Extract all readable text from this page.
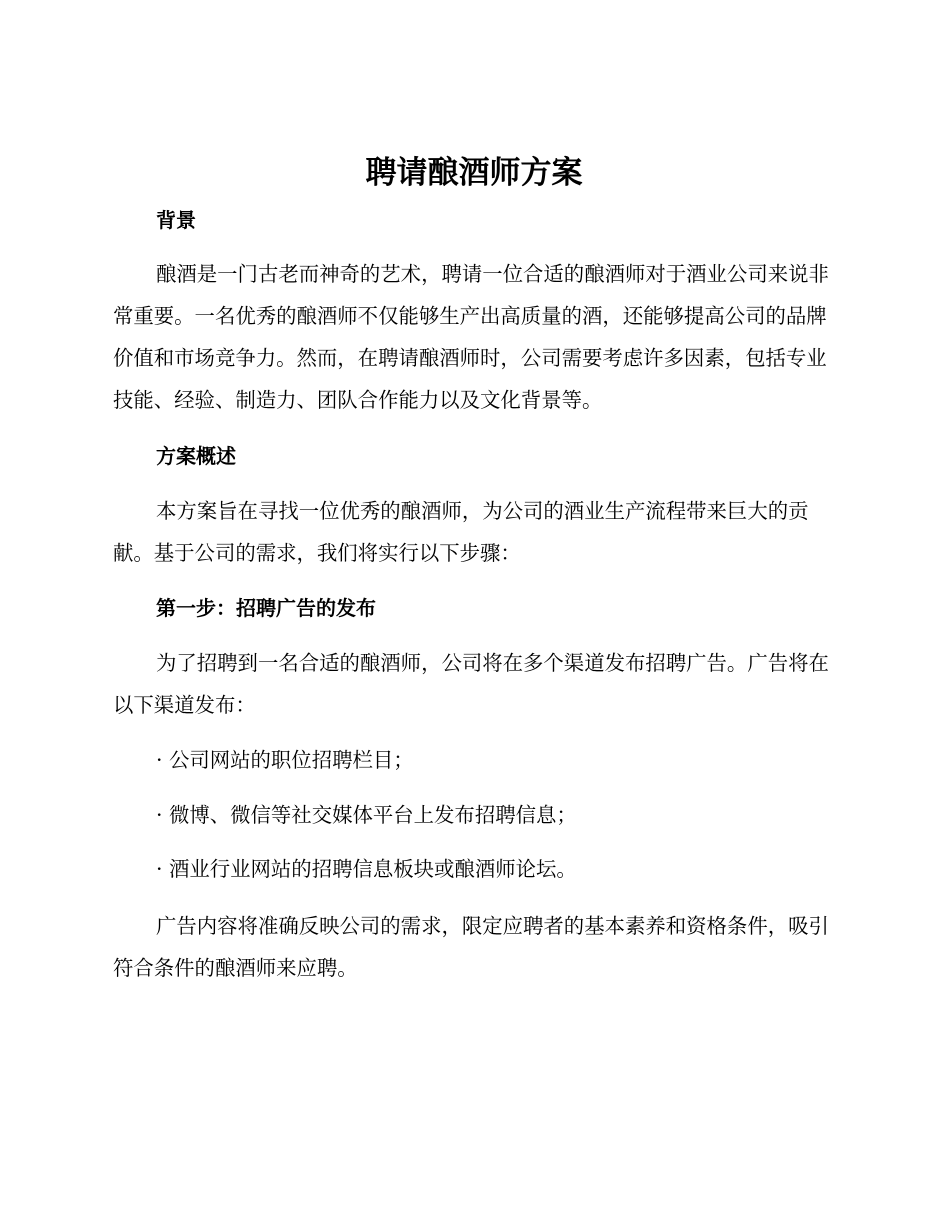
聘请酿酒师方案
背景

酿酒是一门古老而神奇的艺术，聘请一位合适的酿酒师对于酒业公司来说非常重要。一名优秀的酿酒师不仅能够生产出高质量的酒，还能够提高公司的品牌价值和市场竞争力。然而，在聘请酿酒师时，公司需要考虑许多因素，包括专业技能、经验、制造力、团队合作能力以及文化背景等。

方案概述

本方案旨在寻找一位优秀的酿酒师，为公司的酒业生产流程带来巨大的贡献。基于公司的需求，我们将实行以下步骤：

第一步：招聘广告的发布

为了招聘到一名合适的酿酒师，公司将在多个渠道发布招聘广告。广告将在以下渠道发布：

· 公司网站的职位招聘栏目；

· 微博、微信等社交媒体平台上发布招聘信息；

· 酒业行业网站的招聘信息板块或酿酒师论坛。

广告内容将准确反映公司的需求，限定应聘者的基本素养和资格条件，吸引符合条件的酿酒师来应聘。
